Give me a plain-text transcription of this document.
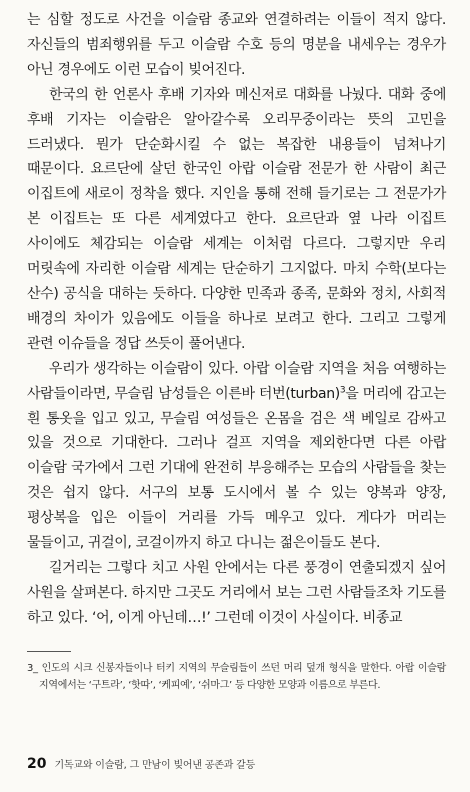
는 심할 정도로 사건을 이슬람 종교와 연결하려는 이들이 적지 않다. 자신들의 범죄행위를 두고 이슬람 수호 등의 명분을 내세우는 경우가 아닌 경우에도 이런 모습이 빚어진다.

한국의 한 언론사 후배 기자와 메신저로 대화를 나눴다. 대화 중에 후배 기자는 이슬람은 알아갈수록 오리무중이라는 뜻의 고민을 드러냈다. 뭔가 단순화시킬 수 없는 복잡한 내용들이 넘쳐나기 때문이다. 요르단에 살던 한국인 아랍 이슬람 전문가 한 사람이 최근 이집트에 새로이 정착을 했다. 지인을 통해 전해 들기로는 그 전문가가 본 이집트는 또 다른 세계였다고 한다. 요르단과 옆 나라 이집트 사이에도 체감되는 이슬람 세계는 이처럼 다르다. 그렇지만 우리 머릿속에 자리한 이슬람 세계는 단순하기 그지없다. 마치 수학(보다는 산수) 공식을 대하는 듯하다. 다양한 민족과 종족, 문화와 정치, 사회적 배경의 차이가 있음에도 이들을 하나로 보려고 한다. 그리고 그렇게 관련 이슈들을 정답 쓰듯이 풀어낸다.

우리가 생각하는 이슬람이 있다. 아랍 이슬람 지역을 처음 여행하는 사람들이라면, 무슬림 남성들은 이른바 터번(turban)$^3$을 머리에 감고는 흰 통옷을 입고 있고, 무슬림 여성들은 온몸을 검은 색 베일로 감싸고 있을 것으로 기대한다. 그러나 걸프 지역을 제외한다면 다른 아랍 이슬람 국가에서 그런 기대에 완전히 부응해주는 모습의 사람들을 찾는 것은 쉽지 않다. 서구의 보통 도시에서 볼 수 있는 양복과 양장, 평상복을 입은 이들이 거리를 가득 메우고 있다. 게다가 머리는 물들이고, 귀걸이, 코걸이까지 하고 다니는 젊은이들도 본다.

길거리는 그렇다 치고 사원 안에서는 다른 풍경이 연출되겠지 싶어 사원을 살펴본다. 하지만 그곳도 거리에서 보는 그런 사람들조차 기도를 하고 있다. ‘어, 이게 아닌데…!’ 그런데 이것이 사실이다. 비종교

3_ 인도의 시크 신봉자들이나 터키 지역의 무슬림들이 쓰던 머리 덮개 형식을 말한다. 아랍 이슬람 지역에서는 ‘구트라’, ‘핫따’, ‘케피예’, ‘쉬마그’ 등 다양한 모양과 이름으로 부른다.

20 기독교와 이슬람, 그 만남이 빚어낸 공존과 갈등
